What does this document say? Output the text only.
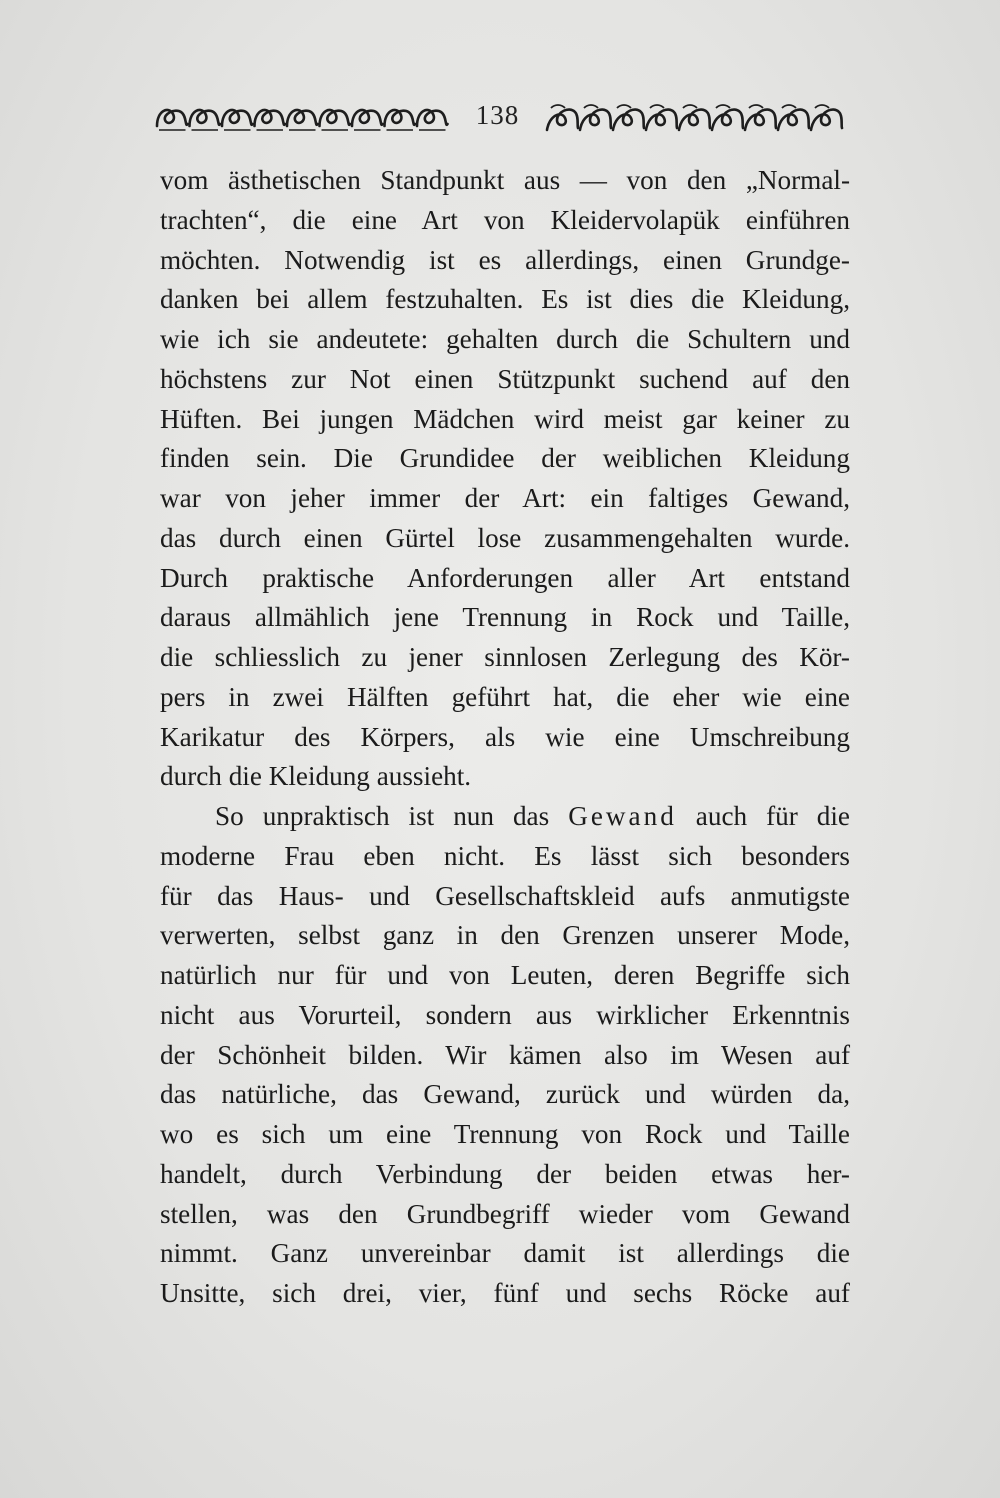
138
vom ästhetischen Standpunkt aus — von den „Normal-
trachten“, die eine Art von Kleidervolapük einführen
möchten. Notwendig ist es allerdings, einen Grundge-
danken bei allem festzuhalten. Es ist dies die Kleidung,
wie ich sie andeutete: gehalten durch die Schultern und
höchstens zur Not einen Stützpunkt suchend auf den
Hüften. Bei jungen Mädchen wird meist gar keiner zu
finden sein. Die Grundidee der weiblichen Kleidung
war von jeher immer der Art: ein faltiges Gewand,
das durch einen Gürtel lose zusammengehalten wurde.
Durch praktische Anforderungen aller Art entstand
daraus allmählich jene Trennung in Rock und Taille,
die schliesslich zu jener sinnlosen Zerlegung des Kör-
pers in zwei Hälften geführt hat, die eher wie eine
Karikatur des Körpers, als wie eine Umschreibung
durch die Kleidung aussieht.
So unpraktisch ist nun das Gewand auch für die
moderne Frau eben nicht. Es lässt sich besonders
für das Haus- und Gesellschaftskleid aufs anmutigste
verwerten, selbst ganz in den Grenzen unserer Mode,
natürlich nur für und von Leuten, deren Begriffe sich
nicht aus Vorurteil, sondern aus wirklicher Erkenntnis
der Schönheit bilden. Wir kämen also im Wesen auf
das natürliche, das Gewand, zurück und würden da,
wo es sich um eine Trennung von Rock und Taille
handelt, durch Verbindung der beiden etwas her-
stellen, was den Grundbegriff wieder vom Gewand
nimmt. Ganz unvereinbar damit ist allerdings die
Unsitte, sich drei, vier, fünf und sechs Röcke auf
